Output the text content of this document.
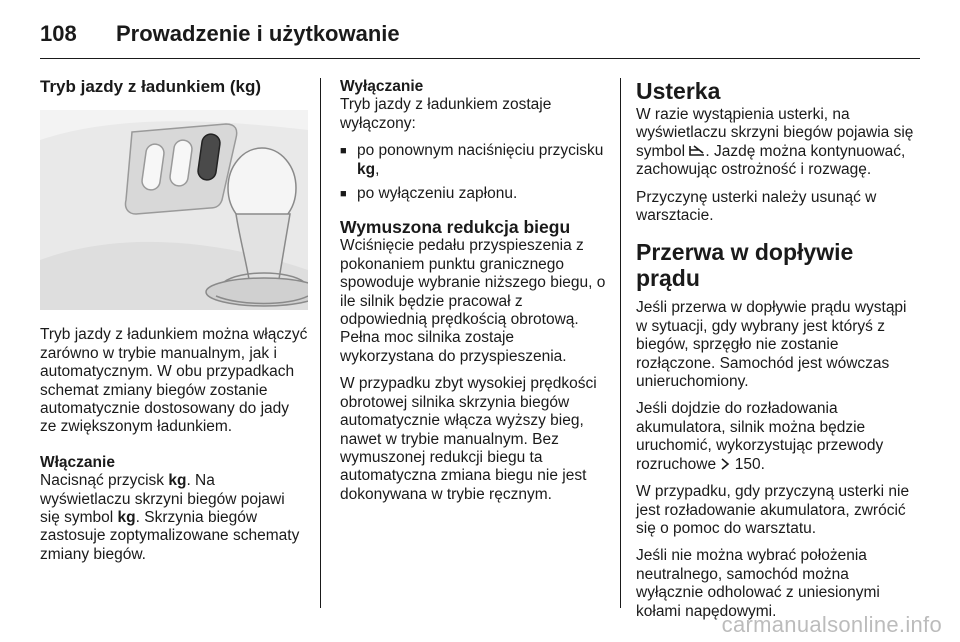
108	Prowadzenie i użytkowanie
Tryb jazdy z ładunkiem (kg)

Tryb jazdy z ładunkiem można włączyć zarówno w trybie manualnym, jak i automatycznym. W obu przypadkach schemat zmiany biegów zostanie automatycznie dostosowany do jady ze zwiększonym ładunkiem.

Włączanie

Nacisnąć przycisk kg. Na wyświetlaczu skrzyni biegów pojawi się symbol kg. Skrzynia biegów zastosuje zoptymalizowane schematy zmiany biegów.

Wyłączanie

Tryb jazdy z ładunkiem zostaje wyłączony:

■ po ponownym naciśnięciu przycisku kg,
■ po wyłączeniu zapłonu.
Wymuszona redukcja biegu

Wciśnięcie pedału przyspieszenia z pokonaniem punktu granicznego spowoduje wybranie niższego biegu, o ile silnik będzie pracował z odpowiednią prędkością obrotową. Pełna moc silnika zostaje wykorzystana do przyspieszenia.

W przypadku zbyt wysokiej prędkości obrotowej silnika skrzynia biegów automatycznie włącza wyższy bieg, nawet w trybie manualnym. Bez wymuszonej redukcji biegu ta automatyczna zmiana biegu nie jest dokonywana w trybie ręcznym.

Usterka

W razie wystąpienia usterki, na wyświetlaczu skrzyni biegów pojawia się symbol . Jazdę można kontynuować, zachowując ostrożność i rozwagę.

Przyczynę usterki należy usunąć w warsztacie.

Przerwa w dopływie prądu

Jeśli przerwa w dopływie prądu wystąpi w sytuacji, gdy wybrany jest któryś z biegów, sprzęgło nie zostanie rozłączone. Samochód jest wówczas unieruchomiony.

Jeśli dojdzie do rozładowania akumulatora, silnik można będzie uruchomić, wykorzystując przewody rozruchowe  150.

W przypadku, gdy przyczyną usterki nie jest rozładowanie akumulatora, zwrócić się o pomoc do warsztatu.

Jeśli nie można wybrać położenia neutralnego, samochód można wyłącznie odholować z uniesionymi kołami napędowymi.

carmanualsonline.info
